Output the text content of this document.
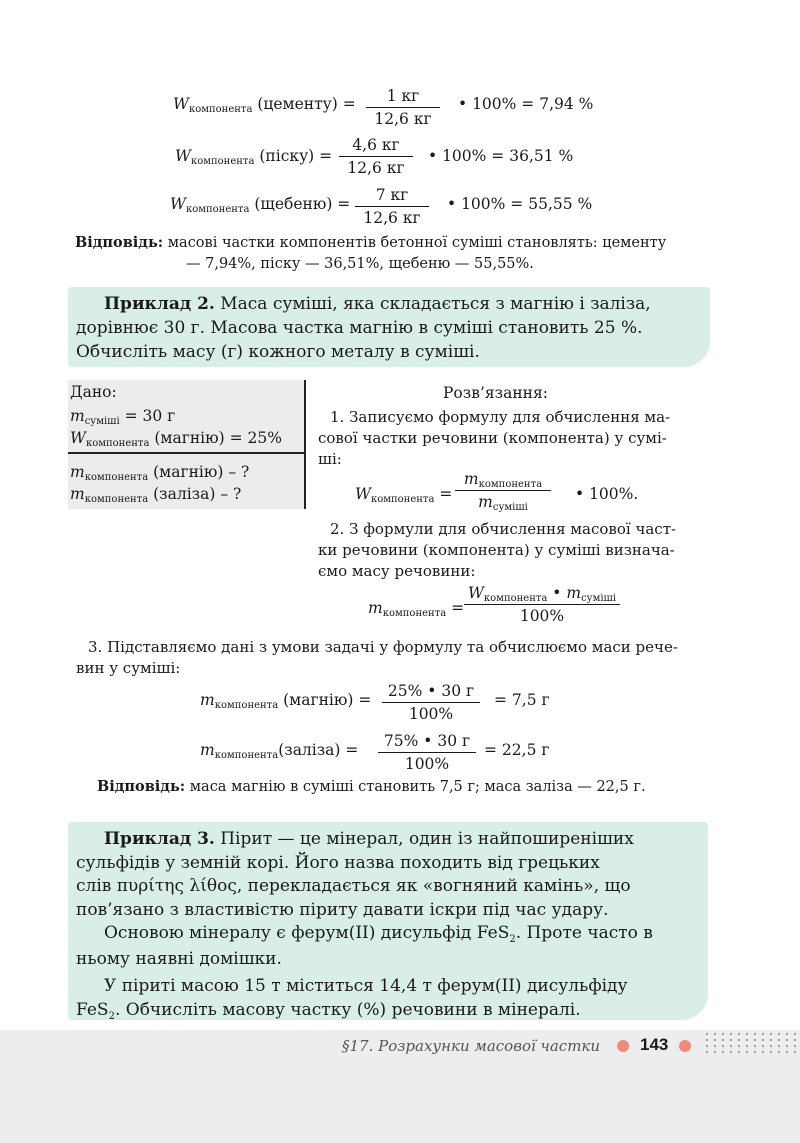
Wкомпонента (цементу) = 1 кг
12,6 кг
• 100% = 7,94 %
Wкомпонента (піску) =
4,6 кг
12,6 кг
• 100% = 36,51 %
Wкомпонента (щебеню) = 7 кг
12,6 кг
• 100% = 55,55 %
Відповідь: масові частки компонентів бетонної суміші становлять: цементу
— 7,94%, піску — 36,51%, щебеню — 55,55%.
Приклад 2. Маса суміші, яка складається з магнію і заліза,
дорівнює 30 г. Масова частка магнію в суміші становить 25 %.
Обчисліть масу (г) кожного металу в суміші.
Дано:
mсуміші = 30 г
Wкомпонента (магнію) = 25%
mкомпонента (магнію) – ?
mкомпонента (заліза) – ?
Розв’язання:
1. Записуємо формулу для обчислення ма-
сової частки речовини (компонента) у сумі-
ші:
Wкомпонента =
mкомпонента
mсуміші
• 100%.
2. З формули для обчислення масової част-
ки речовини (компонента) у суміші визнача-
ємо масу речовини:
mкомпонента =
Wкомпонента • mсуміші
100%
3. Підставляємо дані з умови задачі у формулу та обчислюємо маси рече-
вин у суміші:
mкомпонента (магнію) = 25% • 30 г
100%
= 7,5 г
mкомпонента(заліза) = 75% • 30 г
100%
= 22,5 г
Відповідь: маса магнію в суміші становить 7,5 г; маса заліза — 22,5 г.
Приклад 3. Пірит — це мінерал, один із найпоширеніших
сульфідів у земній корі. Його назва походить від грецьких
слів πυρίτης λίθος, перекладається як «вогняний камінь», що
пов’язано з властивістю піриту давати іскри під час удару.
Основою мінералу є ферум(II) дисульфід FeS$_2$. Проте часто в
ньому наявні домішки.
У піриті масою 15 т міститься 14,4 т ферум(II) дисульфіду
FeS$_2$. Обчисліть масову частку (%) речовини в мінералі.
§17. Розрахунки масової частки 143
